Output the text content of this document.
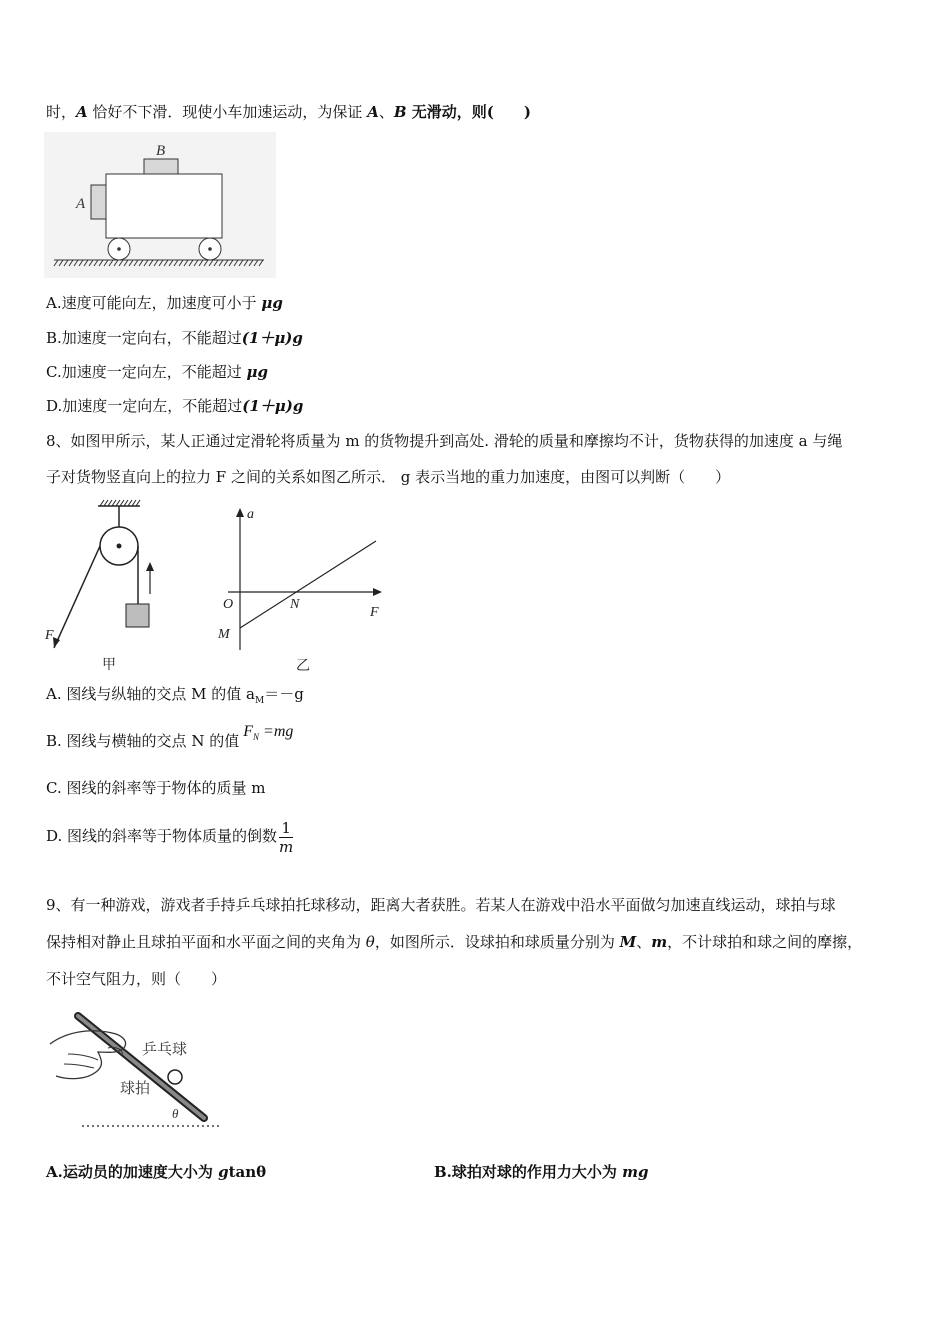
时，A 恰好不下滑．现使小车加速运动，为保证 A、B 无滑动，则(　　)
B
A
A.速度可能向左，加速度可小于 μg
B.加速度一定向右，不能超过(1＋μ)g
C.加速度一定向左，不能超过 μg
D.加速度一定向左，不能超过(1＋μ)g
8、如图甲所示，某人正通过定滑轮将质量为 m 的货物提升到高处. 滑轮的质量和摩擦均不计，货物获得的加速度 a 与绳
子对货物竖直向上的拉力 F 之间的关系如图乙所示． g 表示当地的重力加速度，由图可以判断（　　）
F
甲
a
F
O	N
M
乙
A. 图线与纵轴的交点 M 的值 $a_M=-g$
B. 图线与横轴的交点 N 的值$F_N =mg$
C. 图线的斜率等于物体的质量 m
D. 图线的斜率等于物体质量的倒数 $\frac{1}{m}$
9、有一种游戏，游戏者手持乒乓球拍托球移动，距离大者获胜。若某人在游戏中沿水平面做匀加速直线运动，球拍与球
保持相对静止且球拍平面和水平面之间的夹角为 θ，如图所示．设球拍和球质量分别为 M、m，不计球拍和球之间的摩擦，
不计空气阻力，则（　　）
乒乓球
球拍
θ
A.运动员的加速度大小为 gtanθ	B.球拍对球的作用力大小为 mg
